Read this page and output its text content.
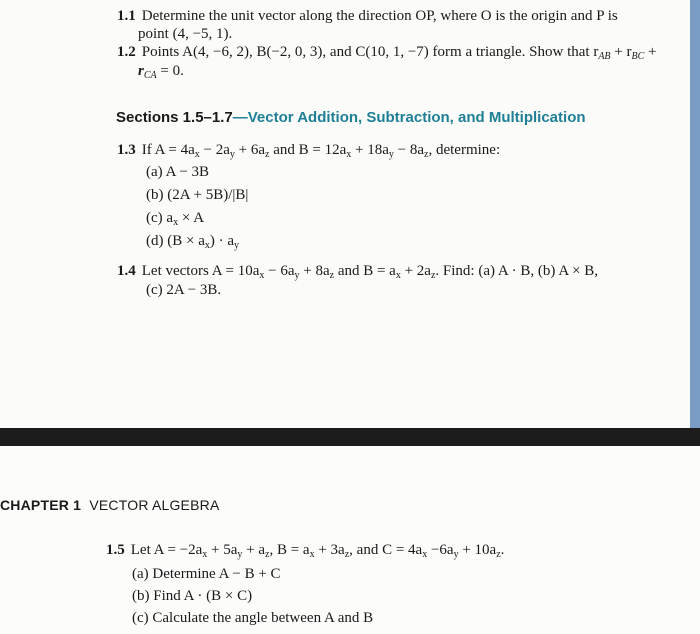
1.1 Determine the unit vector along the direction OP, where O is the origin and P is
point (4, −5, 1).
1.2 Points A(4, −6, 2), B(−2, 0, 3), and C(10, 1, −7) form a triangle. Show that $r_{AB} + r_{BC}$ +
$r_{CA} = 0$.
Sections 1.5–1.7—Vector Addition, Subtraction, and Multiplication
1.3 If $A = 4a_x - 2a_y + 6a_z$ and $B = 12a_x + 18a_y - 8a_z$, determine:
(a) A − 3B
(b) (2A + 5B)/|B|
(c) $a_x \times A$
(d) $(B \times a_x) \cdot a_y$
1.4 Let vectors $A = 10a_x - 6a_y + 8a_z$ and $B = a_x + 2a_z$. Find: (a) A · B, (b) A × B,
(c) 2A − 3B.
CHAPTER 1 VECTOR ALGEBRA
1.5 Let $A = -2a_x + 5a_y + a_z$, $B = a_x + 3a_z$, and $C = 4a_x -6a_y + 10a_z$.
(a) Determine A − B + C
(b) Find A · (B × C)
(c) Calculate the angle between A and B
